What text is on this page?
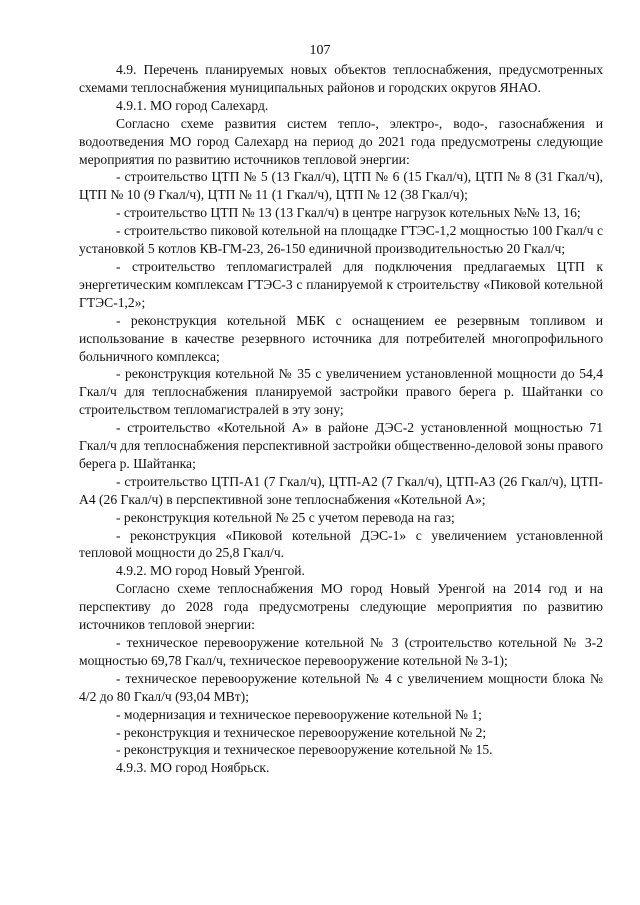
107

4.9. Перечень планируемых новых объектов теплоснабжения, предусмотренных схемами теплоснабжения муниципальных районов и городских округов ЯНАО.

4.9.1. МО город Салехард.

Согласно схеме развития систем тепло-, электро-, водо-, газоснабжения и водоотведения МО город Салехард на период до 2021 года предусмотрены следующие мероприятия по развитию источников тепловой энергии:

- строительство ЦТП № 5 (13 Гкал/ч), ЦТП № 6 (15 Гкал/ч), ЦТП № 8 (31 Гкал/ч), ЦТП № 10 (9 Гкал/ч), ЦТП № 11 (1 Гкал/ч), ЦТП № 12 (38 Гкал/ч);

- строительство ЦТП № 13 (13 Гкал/ч) в центре нагрузок котельных №№ 13, 16;

- строительство пиковой котельной на площадке ГТЭС-1,2 мощностью 100 Гкал/ч с установкой 5 котлов КВ-ГМ-23, 26-150 единичной производительностью 20 Гкал/ч;

- строительство тепломагистралей для подключения предлагаемых ЦТП к энергетическим комплексам ГТЭС-3 с планируемой к строительству «Пиковой котельной ГТЭС-1,2»;

- реконструкция котельной МБК с оснащением ее резервным топливом и использование в качестве резервного источника для потребителей многопрофильного больничного комплекса;

- реконструкция котельной № 35 с увеличением установленной мощности до 54,4 Гкал/ч для теплоснабжения планируемой застройки правого берега р. Шайтанки со строительством тепломагистралей в эту зону;

- строительство «Котельной А» в районе ДЭС-2 установленной мощностью 71 Гкал/ч для теплоснабжения перспективной застройки общественно-деловой зоны правого берега р. Шайтанка;

- строительство ЦТП-А1 (7 Гкал/ч), ЦТП-А2 (7 Гкал/ч), ЦТП-А3 (26 Гкал/ч), ЦТП-А4 (26 Гкал/ч) в перспективной зоне теплоснабжения «Котельной А»;

- реконструкция котельной № 25 с учетом перевода на газ;

- реконструкция «Пиковой котельной ДЭС-1» с увеличением установленной тепловой мощности до 25,8 Гкал/ч.

4.9.2. МО город Новый Уренгой.

Согласно схеме теплоснабжения МО город Новый Уренгой на 2014 год и на перспективу до 2028 года предусмотрены следующие мероприятия по развитию источников тепловой энергии:

- техническое перевооружение котельной № 3 (строительство котельной № 3-2 мощностью 69,78 Гкал/ч, техническое перевооружение котельной № 3-1);

- техническое перевооружение котельной № 4 с увеличением мощности блока № 4/2 до 80 Гкал/ч (93,04 МВт);

- модернизация и техническое перевооружение котельной № 1;

- реконструкция и техническое перевооружение котельной № 2;

- реконструкция и техническое перевооружение котельной № 15.

4.9.3. МО город Ноябрьск.
